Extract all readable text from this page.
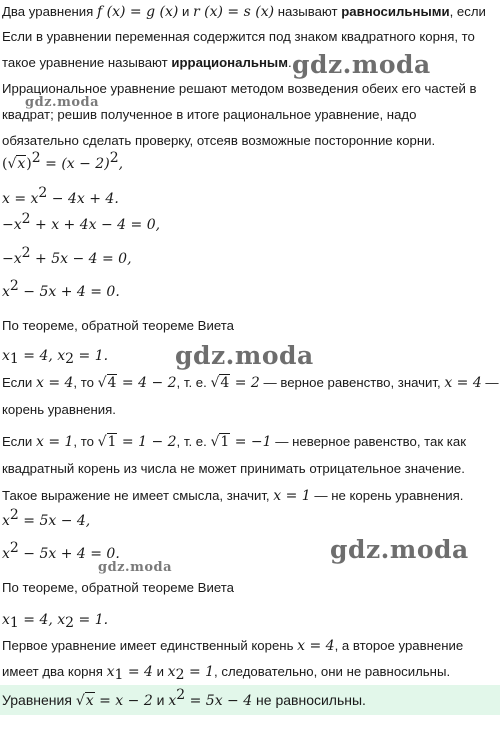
Два уравнения f (x) = g (x) и r (x) = s (x) называют равносильными, если
Если в уравнении переменная содержится под знаком квадратного корня, то
такое уравнение называют иррациональным.
Иррациональное уравнение решают методом возведения обеих его частей в
квадрат; решив полученное в итоге рациональное уравнение, надо
обязательно сделать проверку, отсеяв возможные посторонние корни.
$(√x)^2 = (x - 2)^2$,
$x = x^2 - 4x + 4$.
$-x^2 + x + 4x - 4 = 0$,
$-x^2 + 5x - 4 = 0$,
$x^2 - 5x + 4 = 0$.
По теореме, обратной теореме Виета
$x_1 = 4$, $x_2 = 1$.
Если x = 4, то √4 = 4 − 2, т. е. √4 = 2 — верное равенство, значит, x = 4 —
корень уравнения.
Если x = 1, то √1 = 1 − 2, т. е. √1 = −1 — неверное равенство, так как
квадратный корень из числа не может принимать отрицательное значение.
Такое выражение не имеет смысла, значит, x = 1 — не корень уравнения.
$x^2 = 5x - 4$,
$x^2 - 5x + 4 = 0$.
По теореме, обратной теореме Виета
$x_1 = 4$, $x_2 = 1$.
Первое уравнение имеет единственный корень x = 4, а второе уравнение
имеет два корня $x_1 = 4$ и $x_2 = 1$, следовательно, они не равносильны.
Уравнения √x = x − 2 и $x^2 = 5x - 4$ не равносильны.
gdz.moda
gdz.moda
gdz.moda
gdz.moda
gdz.moda
